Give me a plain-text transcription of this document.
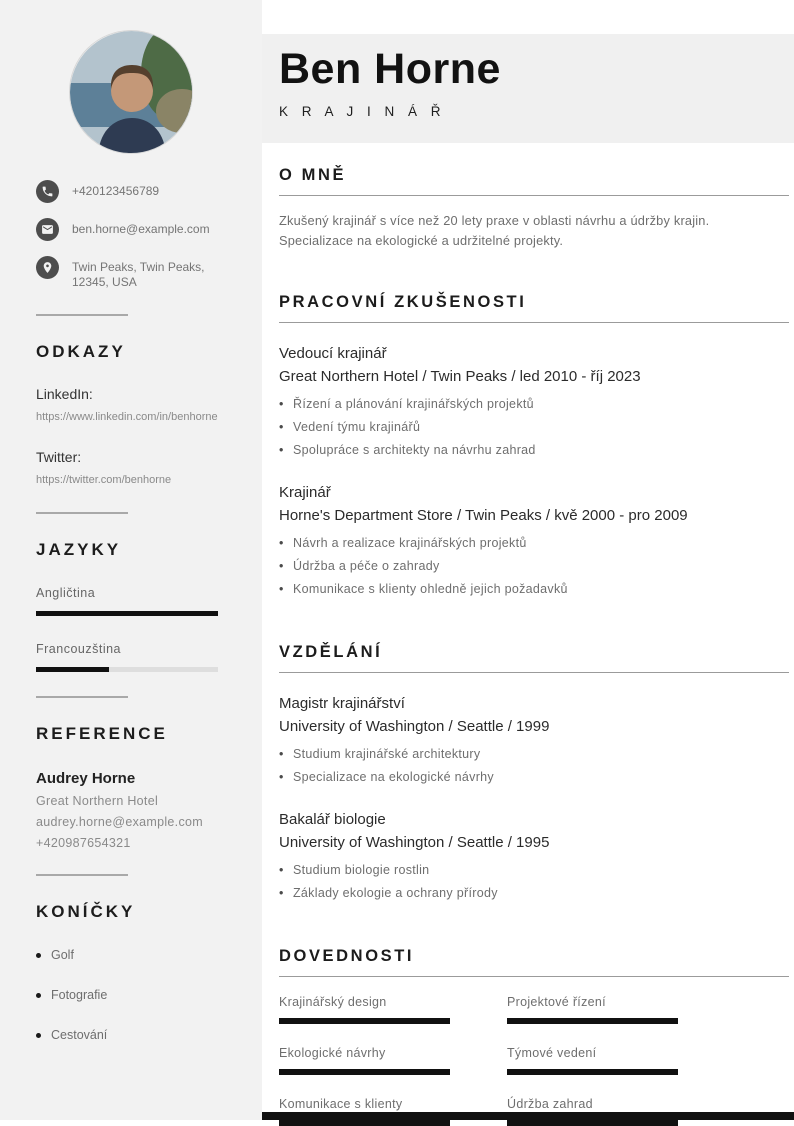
+420123456789
ben.horne@example.com
Twin Peaks, Twin Peaks, 12345, USA
ODKAZY
LinkedIn:
https://www.linkedin.com/in/benhorne
Twitter:
https://twitter.com/benhorne
JAZYKY
Angličtina
Francouzština
REFERENCE
Audrey Horne
Great Northern Hotel
audrey.horne@example.com
+420987654321
KONÍČKY
Golf
Fotografie
Cestování
Ben Horne
K R A J I N Á Ř
O MNĚ

Zkušený krajinář s více než 20 lety praxe v oblasti návrhu a údržby krajin. Specializace na ekologické a udržitelné projekty.

PRACOVNÍ ZKUŠENOSTI
Vedoucí krajinář
Great Northern Hotel / Twin Peaks / led 2010 - říj 2023
• Řízení a plánování krajinářských projektů
• Vedení týmu krajinářů
• Spolupráce s architekty na návrhu zahrad
Krajinář
Horne's Department Store / Twin Peaks / kvě 2000 - pro 2009
• Návrh a realizace krajinářských projektů
• Údržba a péče o zahrady
• Komunikace s klienty ohledně jejich požadavků
VZDĚLÁNÍ
Magistr krajinářství
University of Washington / Seattle / 1999
• Studium krajinářské architektury
• Specializace na ekologické návrhy
Bakalář biologie
University of Washington / Seattle / 1995
• Studium biologie rostlin
• Základy ekologie a ochrany přírody
DOVEDNOSTI
Krajinářský design
Ekologické návrhy
Komunikace s klienty
Projektové řízení
Týmové vedení
Údržba zahrad
